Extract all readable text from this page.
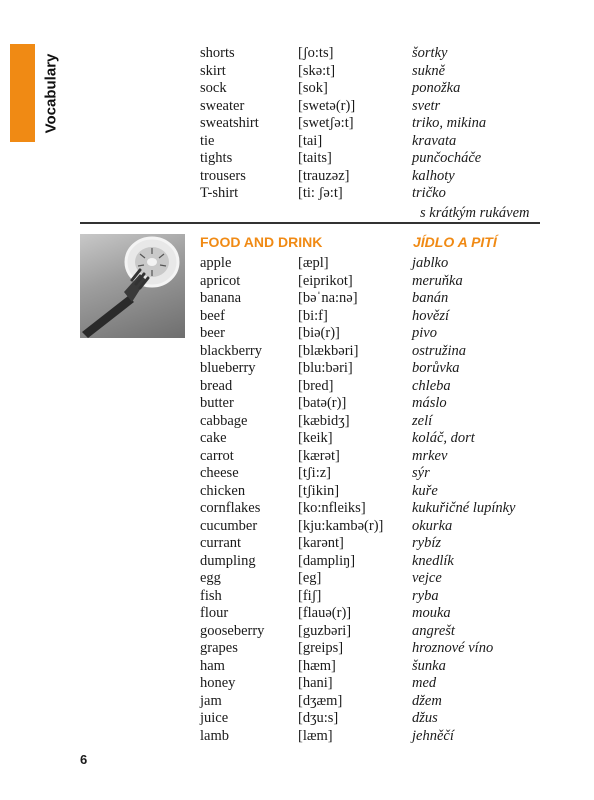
Vocabulary
shorts	[ʃo:ts]	šortky
skirt	[skə:t]	sukně
sock	[sok]	ponožka
sweater	[swetə(r)]	svetr
sweatshirt	[swetʃə:t]	triko, mikina
tie	[tai]	kravata
tights	[taits]	punčocháče
trousers	[trauzəz]	kalhoty
T-shirt	[ti: ʃə:t]	tričko
s krátkým rukávem
FOOD AND DRINK	JÍDLO A PITÍ
apple	[æpl]	jablko
apricot	[eiprikot]	meruňka
banana	[bəˈna:nə]	banán
beef	[bi:f]	hovězí
beer	[biə(r)]	pivo
blackberry [blækbəri]	ostružina
blueberry	[blu:bəri]	borůvka
bread	[bred]	chleba
butter	[batə(r)]	máslo
cabbage	[kæbidʒ]	zelí
cake	[keik]	koláč, dort
carrot	[kærət]	mrkev
cheese	[tʃi:z]	sýr
chicken	[tʃikin]	kuře
cornflakes	[ko:nfleiks]	kukuřičné lupínky
cucumber	[kju:kambə(r)] okurka
currant	[karənt]	rybíz
dumpling	[dampliŋ]	knedlík
egg	[eg]	vejce
fish	[fiʃ]	ryba
flour	[flauə(r)]	mouka
gooseberry [guzbəri]	angrešt
grapes	[greips]	hroznové víno
ham	[hæm]	šunka
honey	[hani]	med
jam	[dʒæm]	džem
juice	[dʒu:s]	džus
lamb	[læm]	jehněčí
6
